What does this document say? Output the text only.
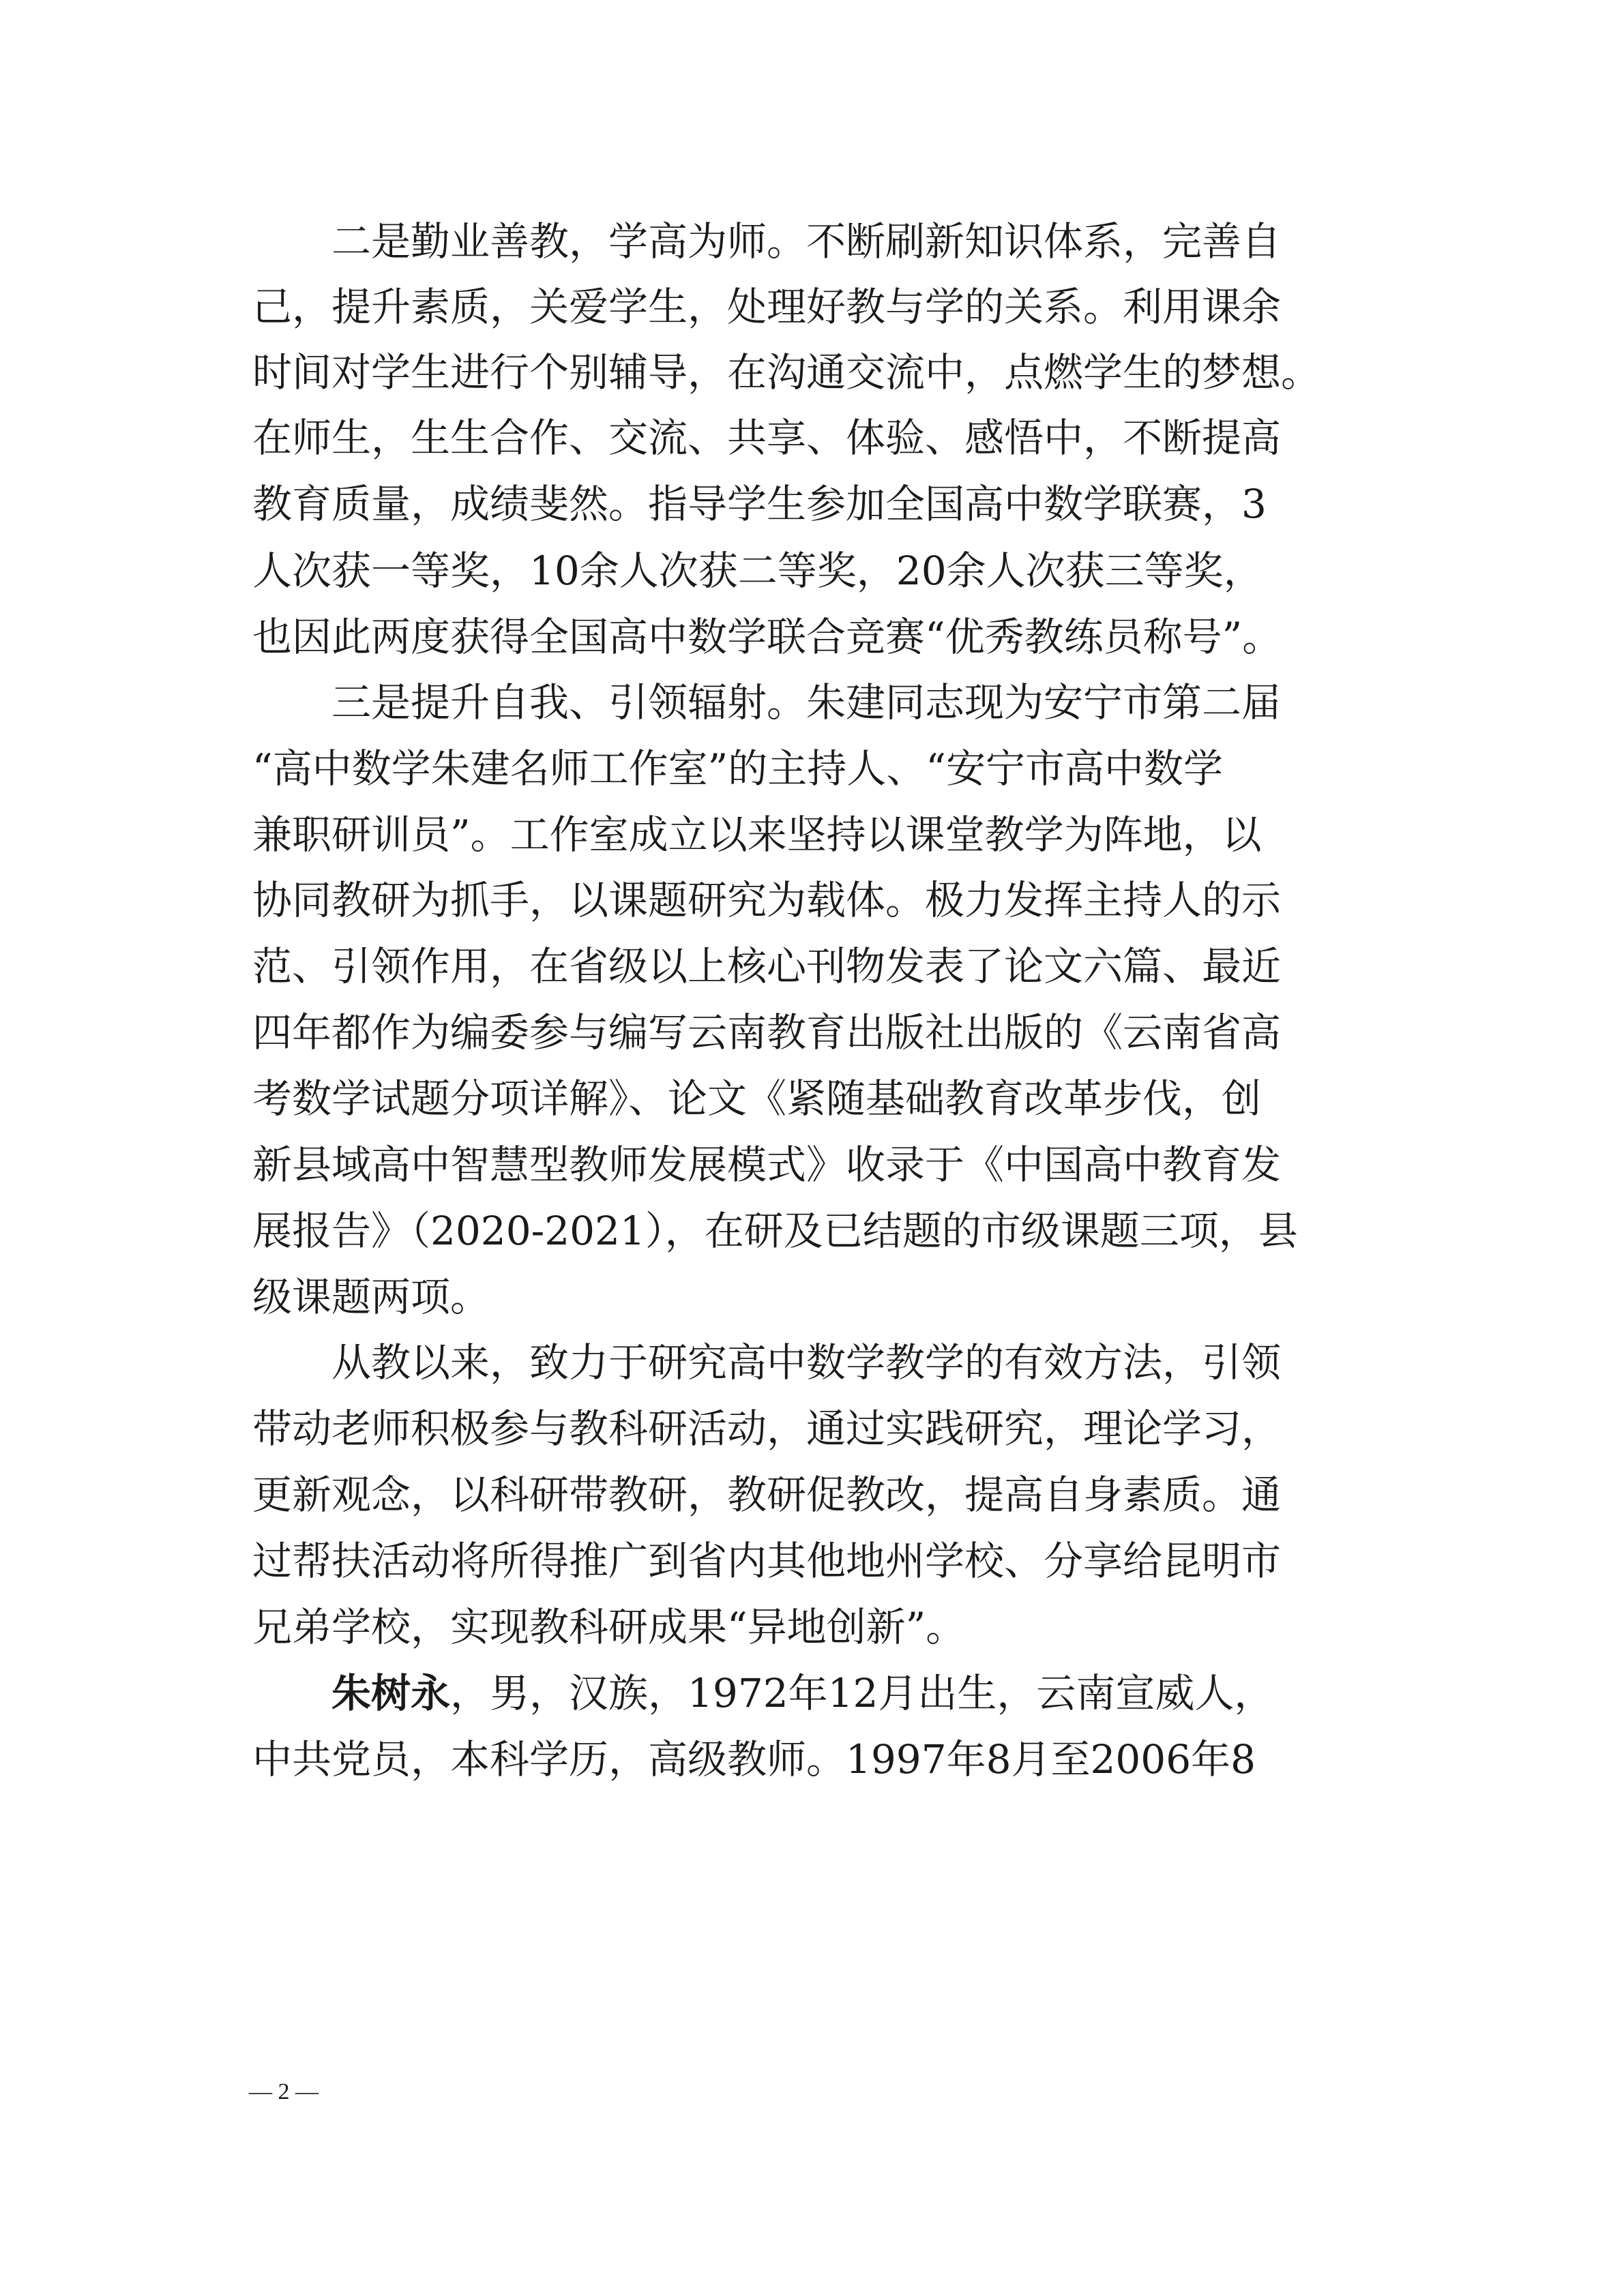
二是勤业善教，学高为师。不断刷新知识体系，完善自
己，提升素质，关爱学生，处理好教与学的关系。利用课余
时间对学生进行个别辅导，在沟通交流中，点燃学生的梦想。
在师生，生生合作、交流、共享、体验、感悟中，不断提高
教育质量，成绩斐然。指导学生参加全国高中数学联赛，3
人次获一等奖，10余人次获二等奖，20余人次获三等奖，
也因此两度获得全国高中数学联合竞赛“优秀教练员称号”。
三是提升自我、引领辐射。朱建同志现为安宁市第二届
“高中数学朱建名师工作室”的主持人、“安宁市高中数学
兼职研训员”。工作室成立以来坚持以课堂教学为阵地，以
协同教研为抓手，以课题研究为载体。极力发挥主持人的示
范、引领作用，在省级以上核心刊物发表了论文六篇、最近
四年都作为编委参与编写云南教育出版社出版的《云南省高
考数学试题分项详解》、论文《紧随基础教育改革步伐，创
新县域高中智慧型教师发展模式》收录于《中国高中教育发
展报告》（2020-2021），在研及已结题的市级课题三项，县
级课题两项。
从教以来，致力于研究高中数学教学的有效方法，引领
带动老师积极参与教科研活动，通过实践研究，理论学习，
更新观念，以科研带教研，教研促教改，提高自身素质。通
过帮扶活动将所得推广到省内其他地州学校、分享给昆明市
兄弟学校，实现教科研成果“异地创新”。
朱树永，男，汉族，1972年12月出生，云南宣威人，
中共党员，本科学历，高级教师。1997年8月至2006年8
— 2 —
